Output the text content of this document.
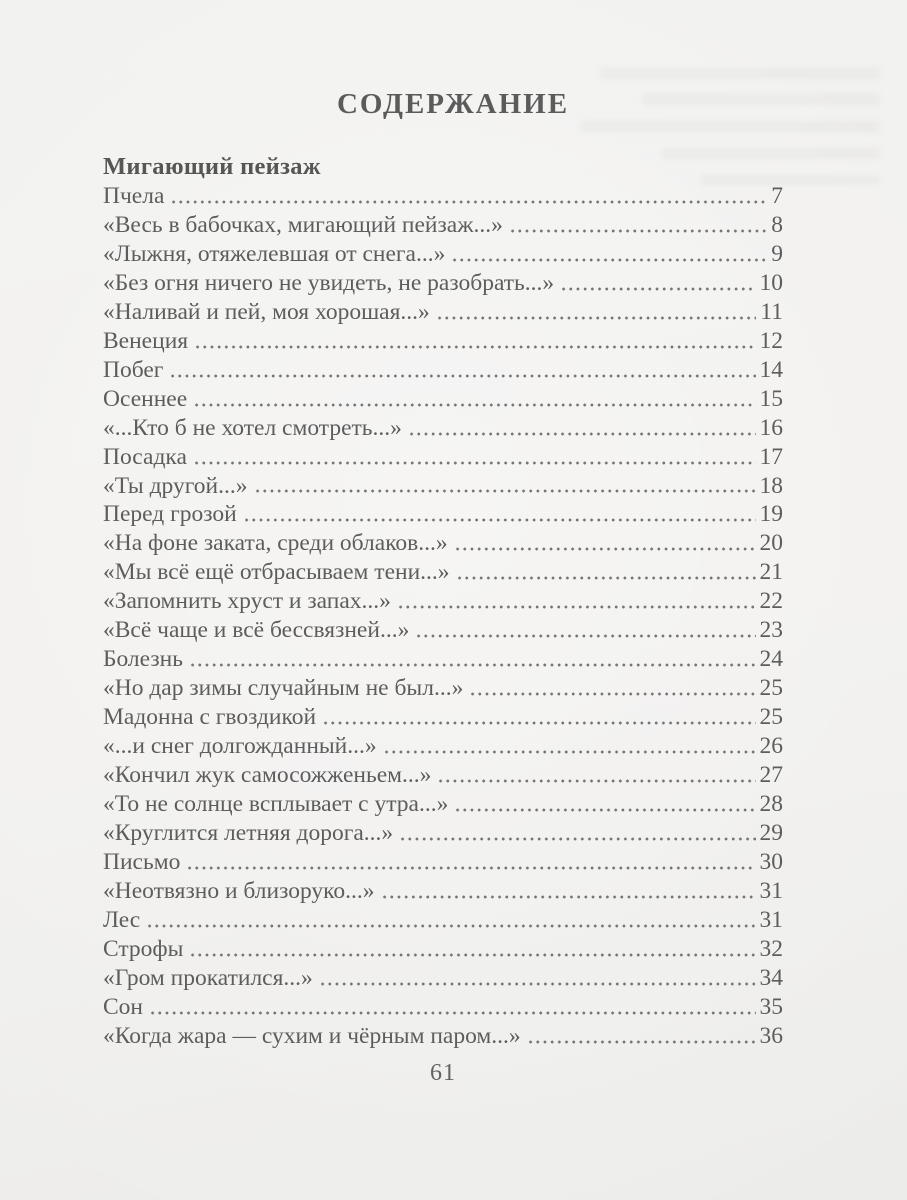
СОДЕРЖАНИЕ
Мигающий пейзаж
Пчела	7
«Весь в бабочках, мигающий пейзаж...»	8
«Лыжня, отяжелевшая от снега...»	9
«Без огня ничего не увидеть, не разобрать...»	10
«Наливай и пей, моя хорошая...»	11
Венеция	12
Побег	14
Осеннее	15
«...Кто б не хотел смотреть...»	16
Посадка	17
«Ты другой...»	18
Перед грозой	19
«На фоне заката, среди облаков...»	20
«Мы всё ещё отбрасываем тени...»	21
«Запомнить хруст и запах...»	22
«Всё чаще и всё бессвязней...»	23
Болезнь	24
«Но дар зимы случайным не был...»	25
Мадонна с гвоздикой	25
«...и снег долгожданный...»	26
«Кончил жук самосожженьем...»	27
«То не солнце всплывает с утра...»	28
«Круглится летняя дорога...»	29
Письмо	30
«Неотвязно и близоруко...»	31
Лес	31
Строфы	32
«Гром прокатился...»	34
Сон	35
«Когда жара — сухим и чёрным паром...»	36
61
